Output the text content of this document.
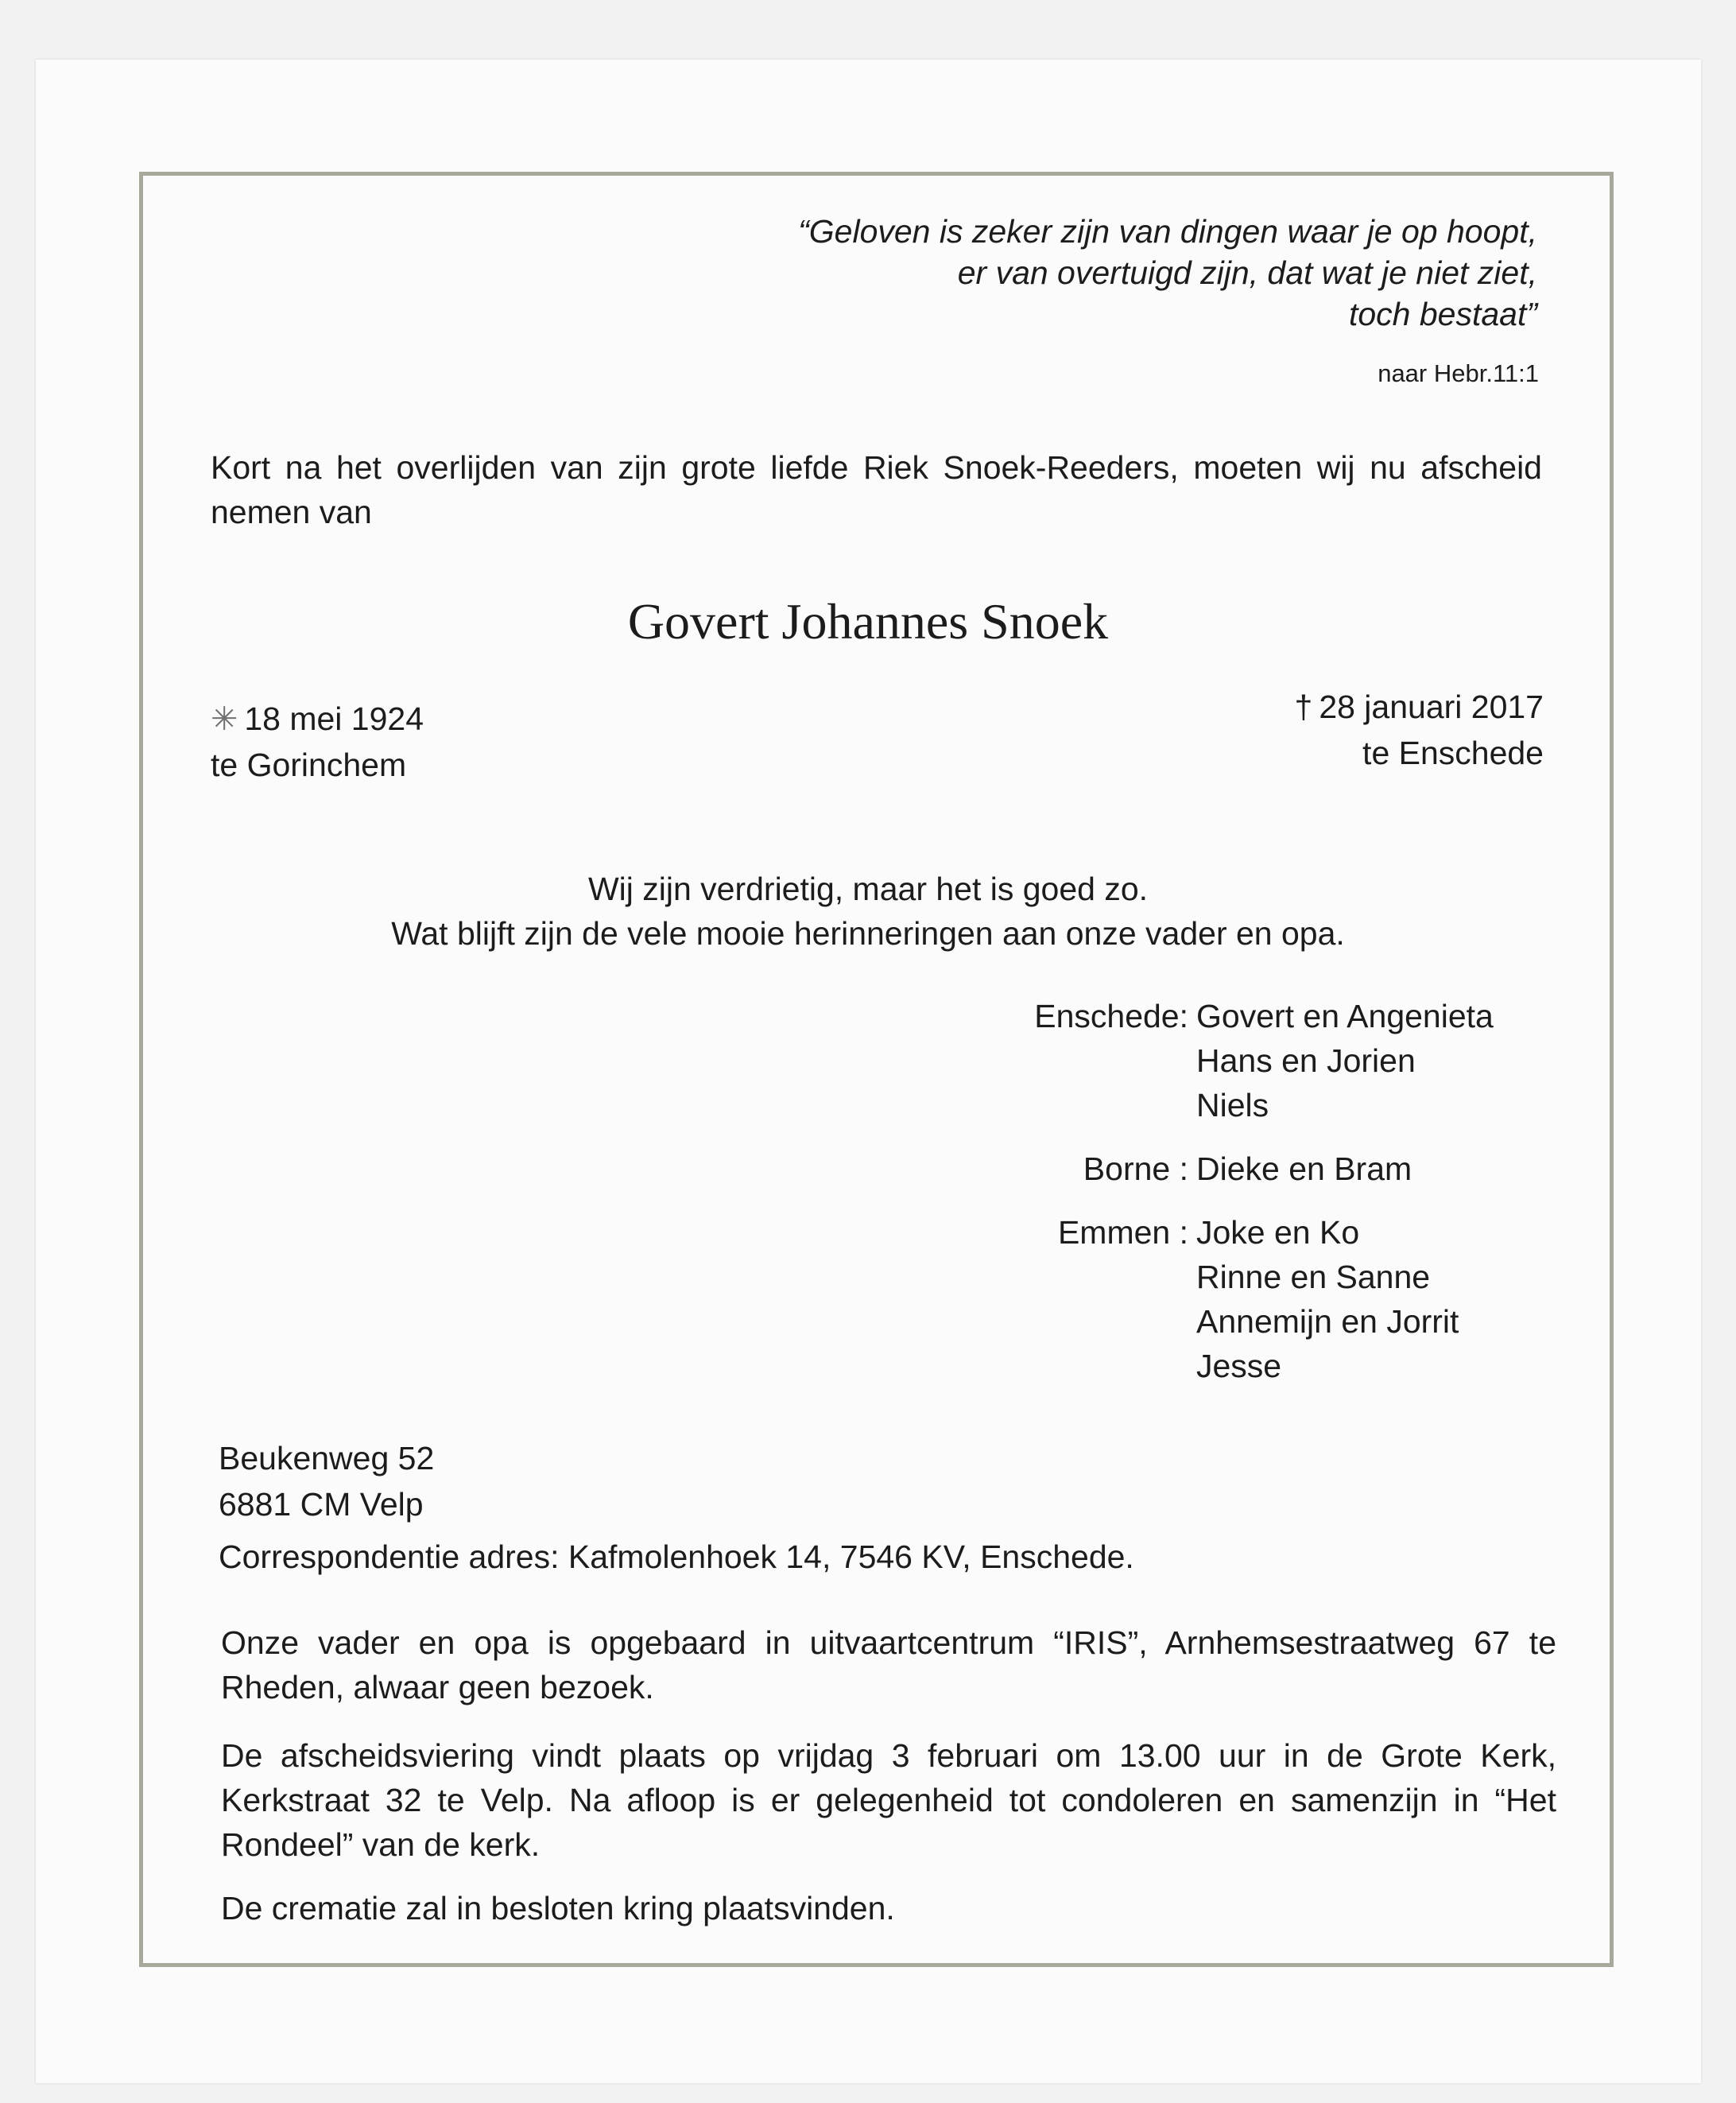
“Geloven is zeker zijn van dingen waar je op hoopt,
er van overtuigd zijn, dat wat je niet ziet,
toch bestaat”
naar Hebr.11:1
Kort na het overlijden van zijn grote liefde Riek Snoek-Reeders, moeten wij nu afscheid nemen van
Govert Johannes Snoek
✳ 18 mei 1924
te Gorinchem
† 28 januari 2017
te Enschede
Wij zijn verdrietig, maar het is goed zo.
Wat blijft zijn de vele mooie herinneringen aan onze vader en opa.
Enschede: Govert en Angenieta
Hans en Jorien
Niels
Borne : Dieke en Bram
Emmen : Joke en Ko
Rinne en Sanne
Annemijn en Jorrit
Jesse
Beukenweg 52
6881 CM Velp
Correspondentie adres: Kafmolenhoek 14, 7546 KV, Enschede.
Onze vader en opa is opgebaard in uitvaartcentrum “IRIS”, Arnhemsestraatweg 67 te Rheden, alwaar geen bezoek.
De afscheidsviering vindt plaats op vrijdag 3 februari om 13.00 uur in de Grote Kerk, Kerkstraat 32 te Velp. Na afloop is er gelegenheid tot condoleren en samenzijn in “Het Rondeel” van de kerk.
De crematie zal in besloten kring plaatsvinden.
